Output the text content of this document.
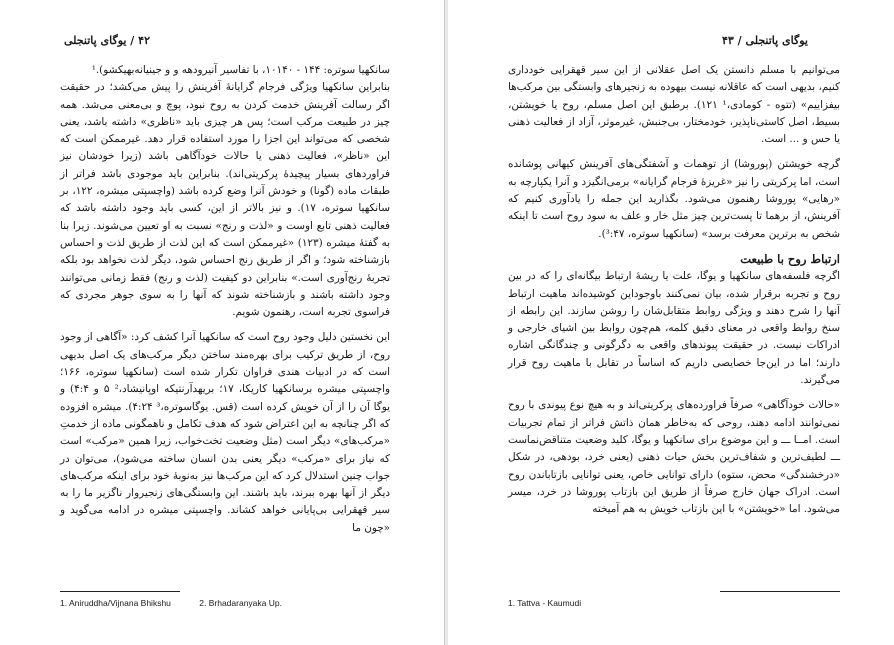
۴۲ / یوگای پاتنجلی

سانکهیا سوتره: ۱۴۴ - ۱۰۱۴۰، با تفاسیر آنیرودهه و و جینیانه‌بهیکشو).¹

بنابراین سانکهیا ویژگی فرجام گرایانهٔ آفرینش را پیش می‌کشد؛ در حقیقت اگر رسالت آفرینش خدمت کردن به روح نبود، پوچ و بی‌معنی می‌شد. همه چیز در طبیعت مرکب است؛ پس هر چیزی باید «ناظری» داشته باشد، یعنی شخصی که می‌تواند این اجزا را مورد استفاده قرار دهد. غیرممکن است که این «ناظر»، فعالیت ذهنی یا حالات خودآگاهی باشد (زیرا خودشان نیز فراوردهای بسیار پیچیدهٔ پرکریتی‌اند). بنابراین باید موجودی باشد فراتر از طبقات ماده (گونا) و خودش آنرا وضع کرده باشد (واچسپتی میشره، ۱۲۲، بر سانکهیا سوتره، ۱۷). و نیز بالاتر از این، کسی باید وجود داشته باشد که فعالیت ذهنی تابع اوست و «لذت و رنج» نسبت به او تعیین می‌شوند. زیرا بنا به گفتهٔ میشره (۱۲۳) «غیرممکن است که این لذت از طریق لذت و احساس بازشناخته شود؛ و اگر از طریق رنج احساس شود، دیگر لذت نخواهد بود بلکه تجربهٔ رنج‌آوری است.» بنابراین دو کیفیت (لذت و رنج) فقط زمانی می‌توانند وجود داشته باشند و بازشناخته شوند که آنها را به سوی جوهر مجردی که فراسوی تجربه است، رهنمون شویم.

این نخستین دلیل وجود روح است که سانکهیا آنرا کشف کرد: «آگاهی از وجود روح، از طریق ترکیب برای بهره‌مند ساختن دیگر مرکب‌های یک اصل بدیهی است که در ادبیات هندی فراوان تکرار شده است (سانکهیا سوتره، ۱۶۶؛ واچسپتی میشره برسانکهیا کاریکا، ۱۷؛ بریهدآرنتیکه اوپانیشاد،² ۵ و ۴:۴) و یوگا آن را از آن خویش کرده است (قس. یوگاسوتره،³ ۴:۲۴). میشره افزوده که اگر چنانچه به این اعتراض شود که هدف تکامل و ناهمگونی ماده از خدمتِ «مرکب‌های» دیگر است (مثل وضعیت تخت‌خواب، زیرا همین «مرکب» است که نیاز برای «مرکب» دیگر یعنی بدن انسان ساخته می‌شود)، می‌توان در جواب چنین استدلال کرد که این مرکب‌ها نیز به‌نوبهٔ خود برای اینکه مرکب‌های دیگر از آنها بهره ببرند، باید باشند. این وابستگی‌های زنجیروار ناگزیر ما را به سیر قهقرایی بی‌پایانی خواهد کشاند. واچسپتی میشره در ادامه می‌گوید و «چون ما

1. Aniruddha/Vijnana Bhikshu	2. Brhadaranyaka Up.
یوگای پاتنجلی / ۴۳

می‌توانیم با مسلم دانستن یک اصل عقلانی از این سیر قهقرایی خودداری کنیم، بدیهی است که عاقلانه نیست بیهوده به زنجیرهای وابستگی بین مرکب‌ها بیفزاییم» (تتوه - کومادی،¹ ۱۲۱). برطبق این اصل مسلم، روح یا خویشتن، بسیط، اصل کاستی‌ناپذیر، خودمختار، بی‌جنبش، غیرموثر، آزاد از فعالیت ذهنی یا حس و ... است.

گرچه خویشتن (پوروشا) از توهمات و آشفتگی‌های آفرینش کیهانی پوشانده است، اما پرکریتی را نیز «غریزهٔ فرجام گرایانه» برمی‌انگیزد و آنرا یکپارچه به «رهایی» پوروشا رهنمون می‌شود. بگذارید این جمله را یادآوری کنیم که آفرینش، از برهما تا پست‌ترین چیز مثل خار و علف به سود روح است تا اینکه شخص به برترین معرفت برسد» (سانکهیا سوتره، ³:۴۷).

ارتباط روح با طبیعت

اگرچه فلسفه‌های سانکهیا و یوگا، علت یا ریشهٔ ارتباط بیگانه‌ای را که در بین روح و تجربه برقرار شده، بیان نمی‌کنند باوجوداین کوشیده‌اند ماهیت ارتباط آنها را شرح دهند و ویژگی روابط متقابل‌شان را روشن سازند. این رابطه از سنخ روابط واقعی در معنای دقیق کلمه، هم‌چون روابط بین اشیای خارجی و ادراکات نیست. در حقیقت پیوندهای واقعی به دگرگونی و چندگانگی اشاره دارند؛ اما در این‌جا خصایصی داریم که اساساً در تقابل با ماهیت روح قرار می‌گیرند.

«حالات خودآگاهی» صرفاً فراورده‌های پرکریتی‌اند و به هیچ نوع پیوندی با روح نمی‌توانند ادامه دهند، روحی که به‌خاطر همان ذاتش فراتر از تمام تجربیات است. امــا ـــ و این موضوع برای سانکهیا و یوگا، کلید وضعیت متناقض‌نماست ـــ لطیف‌ترین و شفاف‌ترین بخش حیات ذهنی (یعنی خرد، بودهی، در شکل «درخشندگی» محض، ستوه) دارای توانایی خاص، یعنی توانایی بازتاباندن روح است. ادراک جهان خارج صرفاً از طریق این بازتاب پوروشا در خرد، میسر می‌شود. اما «خویشتن» با این بازتاب خویش به هم آمیخته

1. Tattva - Kaumudi
